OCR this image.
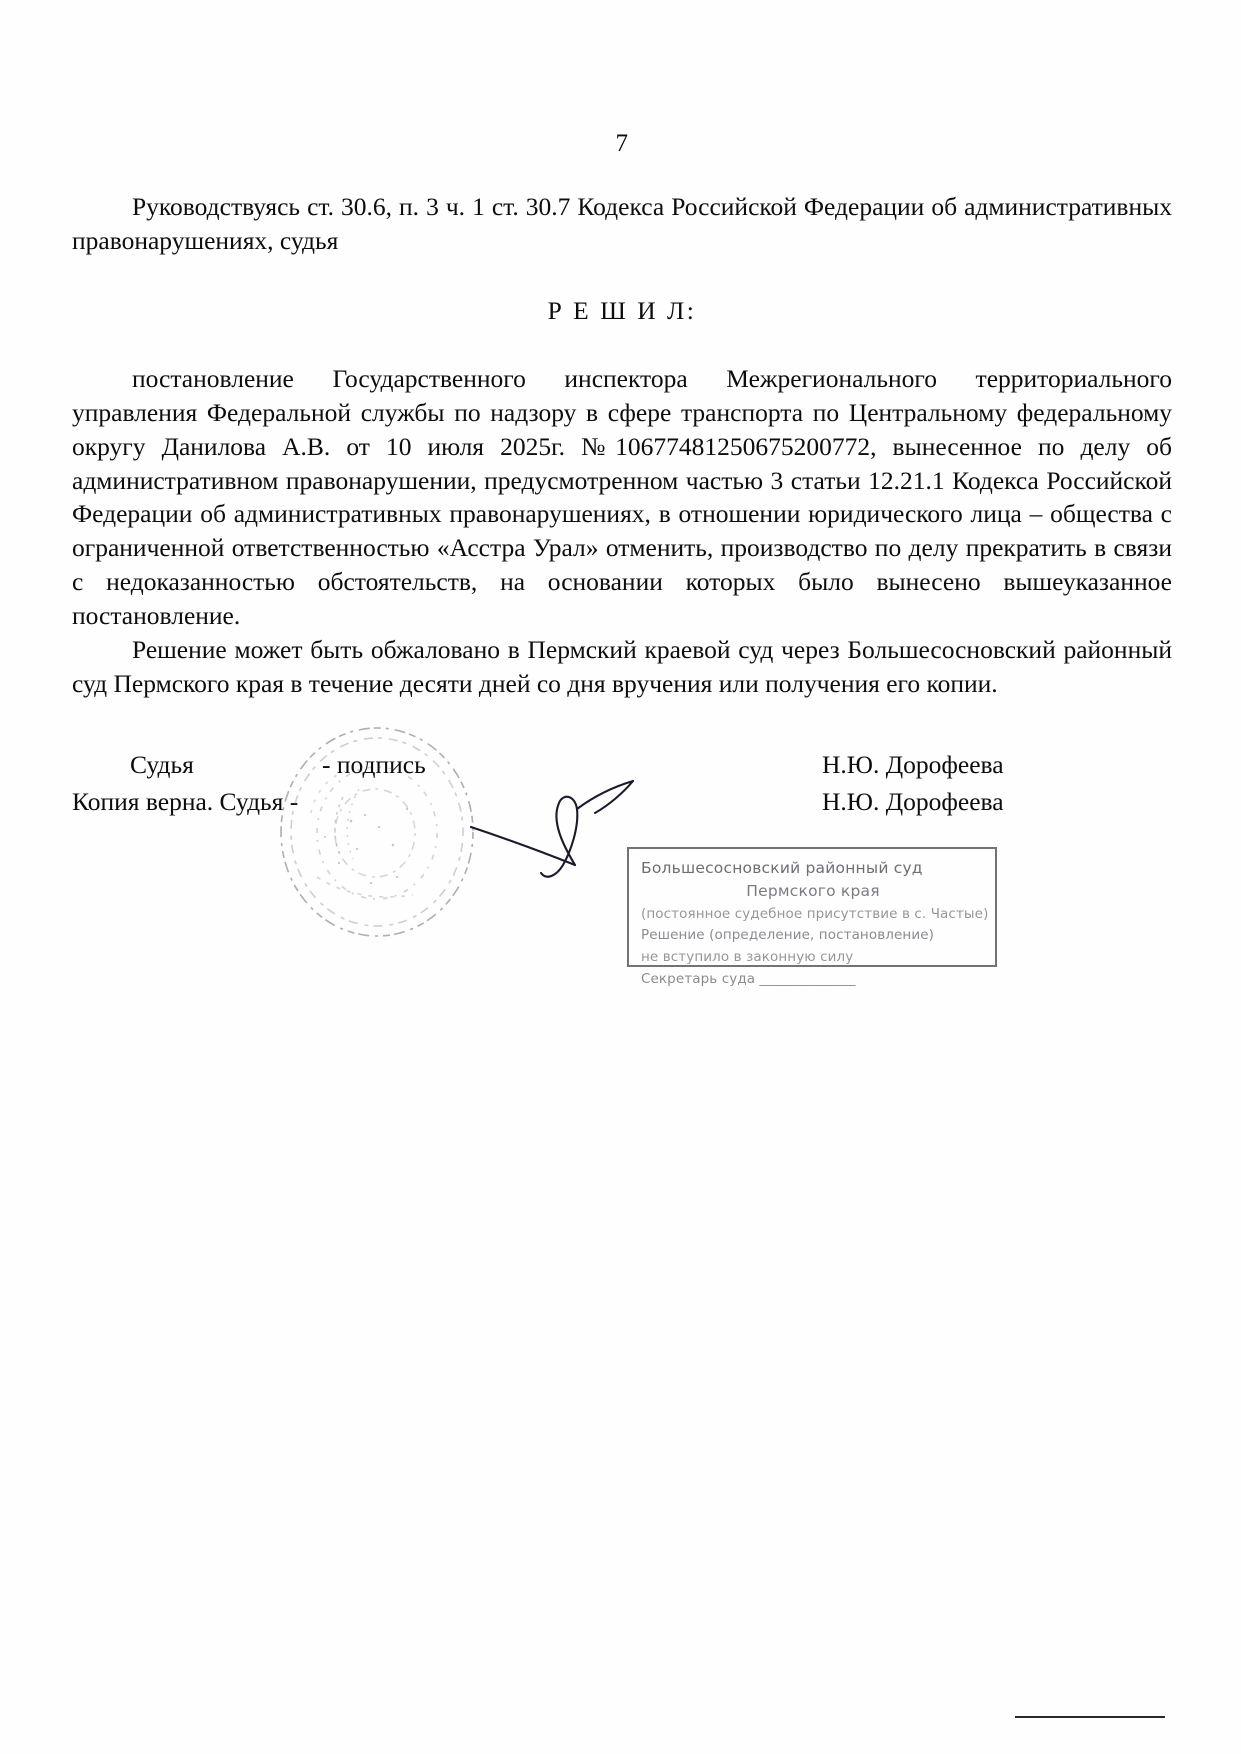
7

Руководствуясь ст. 30.6, п. 3 ч. 1 ст. 30.7 Кодекса Российской Федерации об административных правонарушениях, судья

Р Е Ш И Л:

постановление Государственного инспектора Межрегионального территориального управления Федеральной службы по надзору в сфере транспорта по Центральному федеральному округу Данилова А.В. от 10 июля 2025г. №10677481250675200772, вынесенное по делу об административном правонарушении, предусмотренном частью 3 статьи 12.21.1 Кодекса Российской Федерации об административных правонарушениях, в отношении юридического лица – общества с ограниченной ответственностью «Асстра Урал» отменить, производство по делу прекратить в связи с недоказанностью обстоятельств, на основании которых было вынесено вышеуказанное постановление.

Решение может быть обжаловано в Пермский краевой суд через Большесосновский районный суд Пермского края в течение десяти дней со дня вручения или получения его копии.

Судья	- подпись	Н.Ю. Дорофеева
Копия верна. Судья -	Н.Ю. Дорофеева
Большесосновский районный суд
Пермского края
(постоянное судебное присутствие в с. Частые)
Решение (определение, постановление)
не вступило в законную силу
Секретарь суда ______________
